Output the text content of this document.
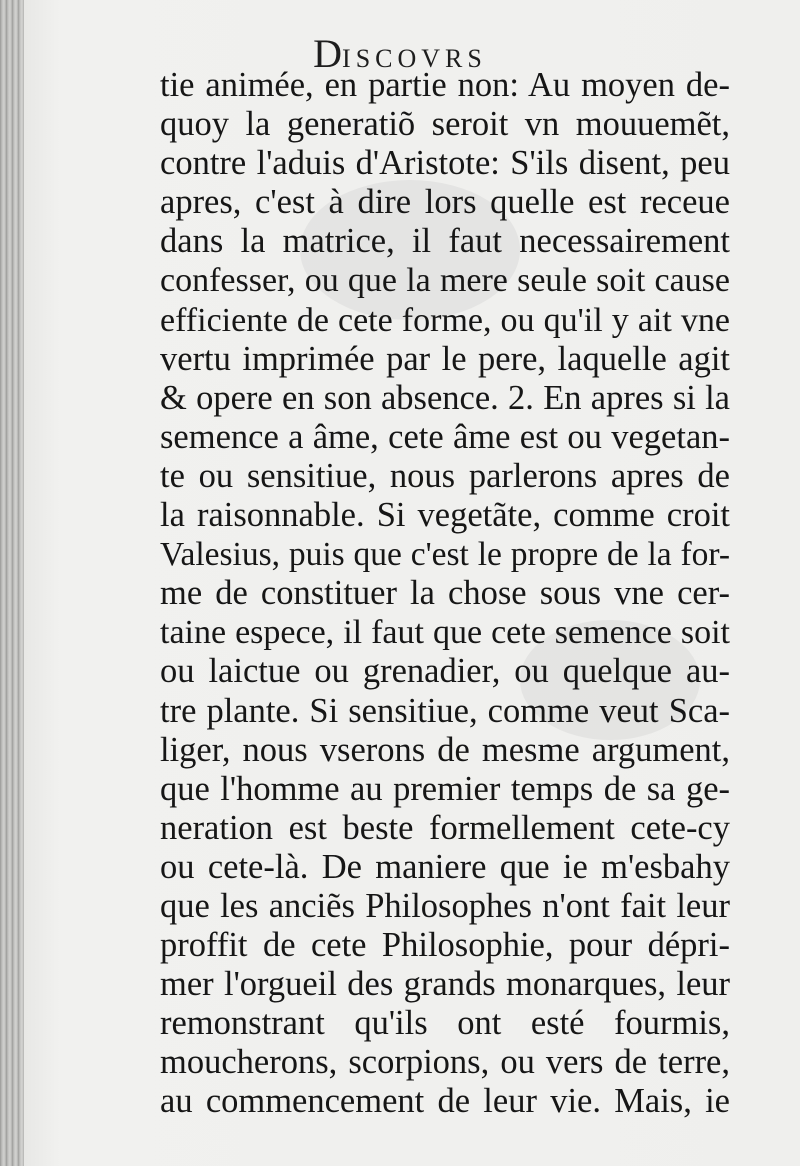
DISCOVRS
tie animée, en partie non: Au moyen de-
quoy la generatiõ seroit vn mouuemẽt,
contre l'aduis d'Aristote: S'ils disent, peu
apres, c'est à dire lors quelle est receue
dans la matrice, il faut necessairement
confesser, ou que la mere seule soit cause
efficiente de cete forme, ou qu'il y ait vne
vertu imprimée par le pere, laquelle agit
& opere en son absence. 2. En apres si la
semence a âme, cete âme est ou vegetan-
te ou sensitiue, nous parlerons apres de
la raisonnable. Si vegetãte, comme croit
Valesius, puis que c'est le propre de la for-
me de constituer la chose sous vne cer-
taine espece, il faut que cete semence soit
ou laictue ou grenadier, ou quelque au-
tre plante. Si sensitiue, comme veut Sca-
liger, nous vserons de mesme argument,
que l'homme au premier temps de sa ge-
neration est beste formellement cete-cy
ou cete-là. De maniere que ie m'esbahy
que les anciẽs Philosophes n'ont fait leur
proffit de cete Philosophie, pour dépri-
mer l'orgueil des grands monarques, leur
remonstrant qu'ils ont esté fourmis,
moucherons, scorpions, ou vers de terre,
au commencement de leur vie. Mais, ie
